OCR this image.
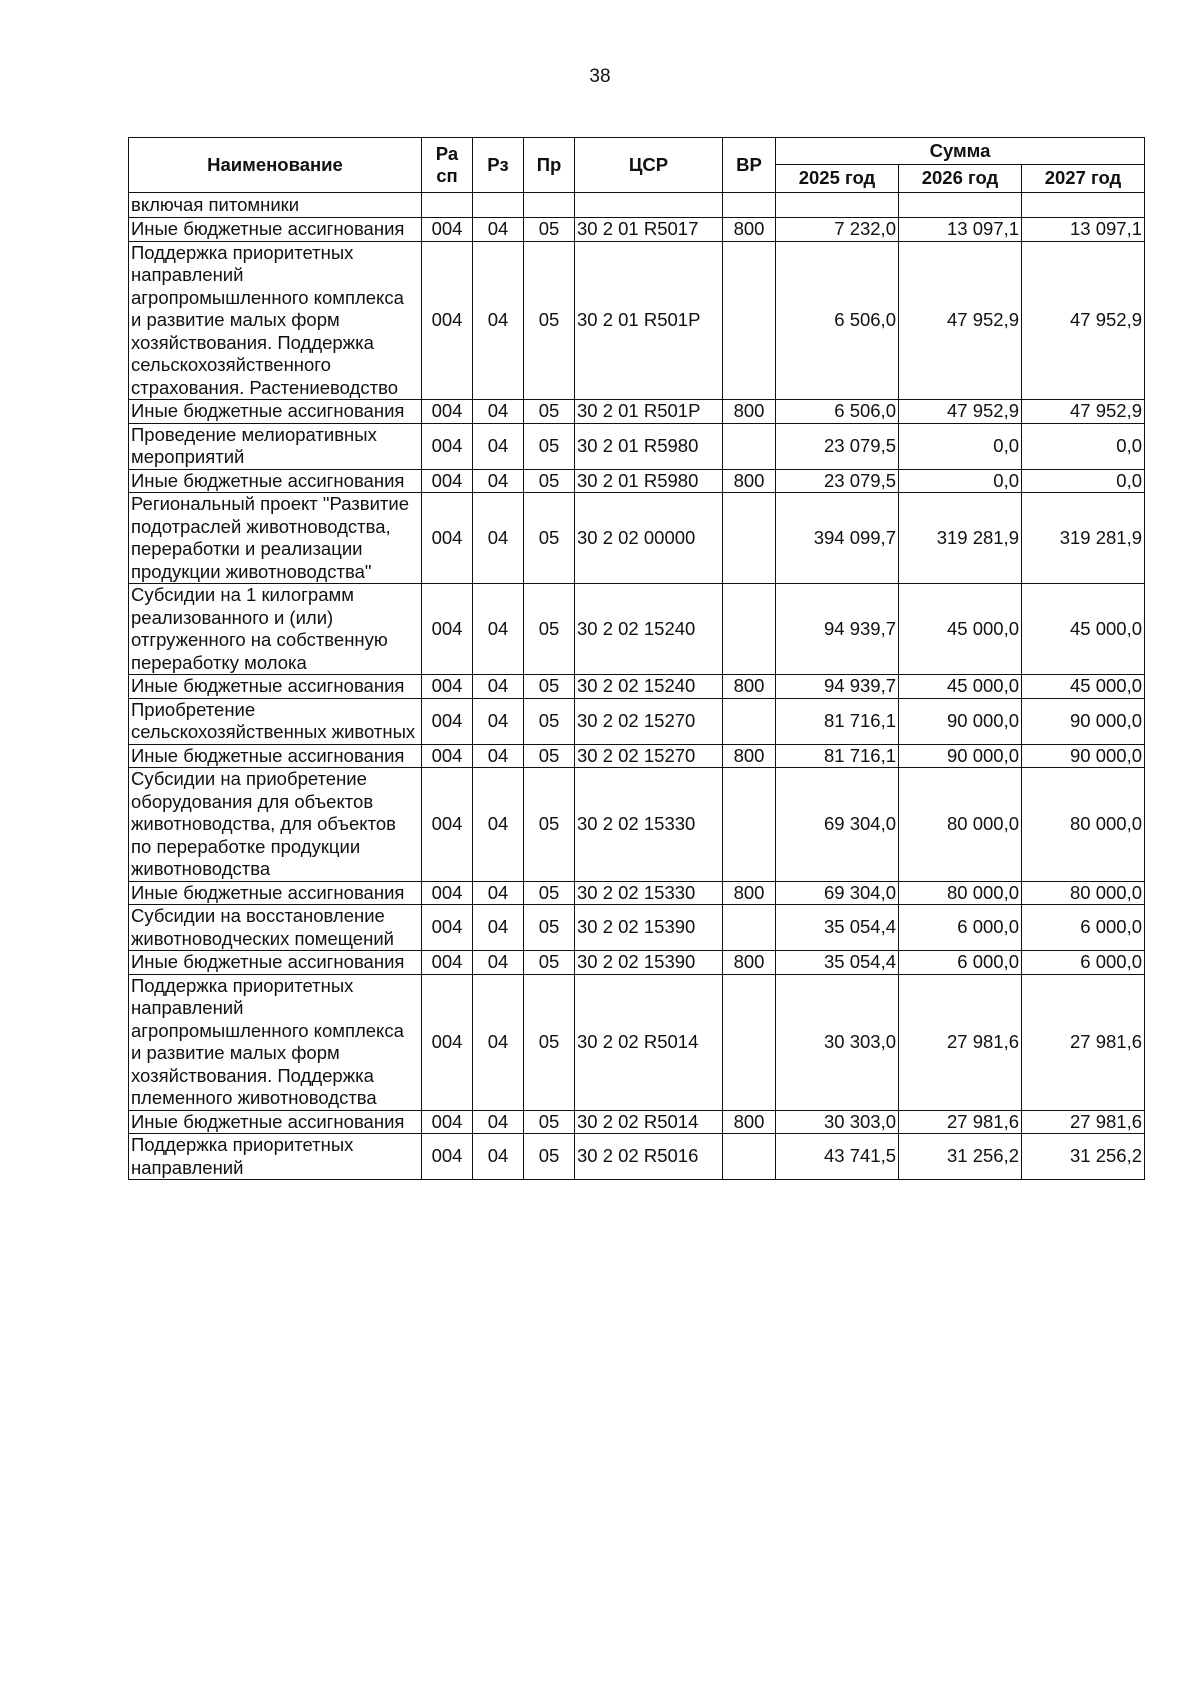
38
Наименование	Ра сп	Рз	Пр	ЦСР	ВР	Сумма		
						2025 год	2026 год	2027 год
включая питомники								
Иные бюджетные ассигнования	004	04	05	30 2 01 R5017	800	7 232,0	13 097,1	13 097,1
Поддержка приоритетных направлений агропромышленного комплекса и развитие малых форм хозяйствования. Поддержка сельскохозяйственного страхования. Растениеводство	004	04	05	30 2 01 R501P		6 506,0	47 952,9	47 952,9
Иные бюджетные ассигнования	004	04	05	30 2 01 R501P	800	6 506,0	47 952,9	47 952,9
Проведение мелиоративных мероприятий	004	04	05	30 2 01 R5980		23 079,5	0,0	0,0
Иные бюджетные ассигнования	004	04	05	30 2 01 R5980	800	23 079,5	0,0	0,0
Региональный проект "Развитие подотраслей животноводства, переработки и реализации продукции животноводства"	004	04	05	30 2 02 00000		394 099,7	319 281,9	319 281,9
Субсидии на 1 килограмм реализованного и (или) отгруженного на собственную переработку молока	004	04	05	30 2 02 15240		94 939,7	45 000,0	45 000,0
Иные бюджетные ассигнования	004	04	05	30 2 02 15240	800	94 939,7	45 000,0	45 000,0
Приобретение сельскохозяйственных животных	004	04	05	30 2 02 15270		81 716,1	90 000,0	90 000,0
Иные бюджетные ассигнования	004	04	05	30 2 02 15270	800	81 716,1	90 000,0	90 000,0
Субсидии на приобретение оборудования для объектов животноводства, для объектов по переработке продукции животноводства	004	04	05	30 2 02 15330		69 304,0	80 000,0	80 000,0
Иные бюджетные ассигнования	004	04	05	30 2 02 15330	800	69 304,0	80 000,0	80 000,0
Субсидии на восстановление животноводческих помещений	004	04	05	30 2 02 15390		35 054,4	6 000,0	6 000,0
Иные бюджетные ассигнования	004	04	05	30 2 02 15390	800	35 054,4	6 000,0	6 000,0
Поддержка приоритетных направлений агропромышленного комплекса и развитие малых форм хозяйствования. Поддержка племенного животноводства	004	04	05	30 2 02 R5014		30 303,0	27 981,6	27 981,6
Иные бюджетные ассигнования	004	04	05	30 2 02 R5014	800	30 303,0	27 981,6	27 981,6
Поддержка приоритетных направлений	004	04	05	30 2 02 R5016		43 741,5	31 256,2	31 256,2
